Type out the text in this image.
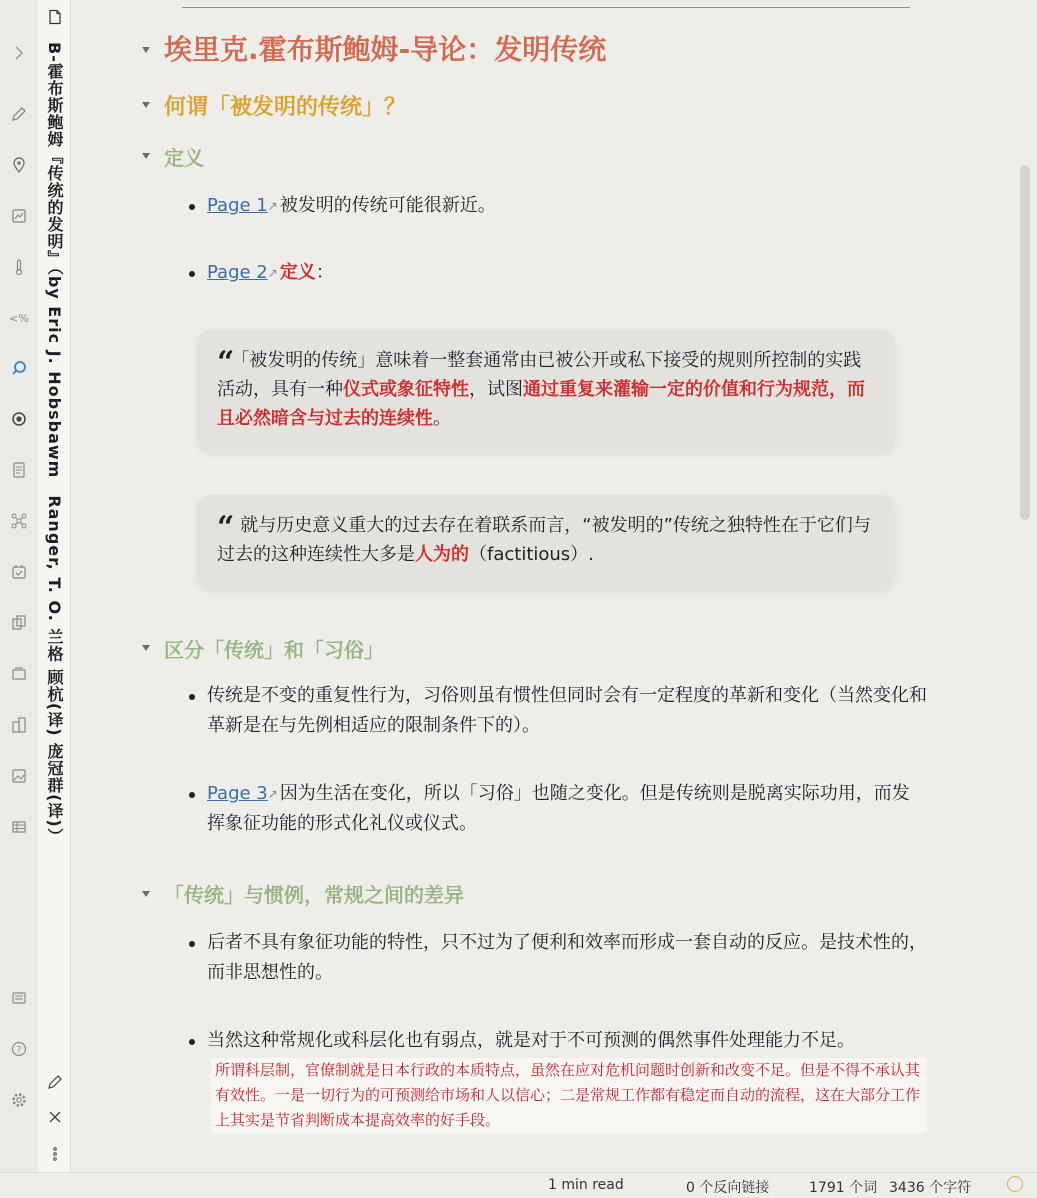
<%
?
B-霍布斯鲍姆『传统的发明』（by Eric J. Hobsbawm　Ranger, T. O. 兰格 顾杭(译) 庞冠群(译)）	埃里克.霍布斯鲍姆-导论：发明传统
何谓「被发明的传统」？
定义
Page 1↗ 被发明的传统可能很新近。
Page 2↗ 定义：
“ 「被发明的传统」意味着一整套通常由已被公开或私下接受的规则所控制的实践活动，具有一种仪式或象征特性，试图通过重复来灌输一定的价值和行为规范，而且必然暗含与过去的连续性。
“ 就与历史意义重大的过去存在着联系而言，“被发明的”传统之独特性在于它们与过去的这种连续性大多是人为的（factitious）.
区分「传统」和「习俗」
传统是不变的重复性行为，习俗则虽有惯性但同时会有一定程度的革新和变化（当然变化和革新是在与先例相适应的限制条件下的）。
Page 3↗ 因为生活在变化，所以「习俗」也随之变化。但是传统则是脱离实际功用，而发挥象征功能的形式化礼仪或仪式。
「传统」与惯例，常规之间的差异
后者不具有象征功能的特性，只不过为了便利和效率而形成一套自动的反应。是技术性的，而非思想性的。
当然这种常规化或科层化也有弱点，就是对于不可预测的偶然事件处理能力不足。
所谓科层制，官僚制就是日本行政的本质特点，虽然在应对危机问题时创新和改变不足。但是不得不承认其有效性。一是一切行为的可预测给市场和人以信心；二是常规工作都有稳定而自动的流程，这在大部分工作上其实是节省判断成本提高效率的好手段。
1 min read	0 个反向链接	1791 个词 3436 个字符
